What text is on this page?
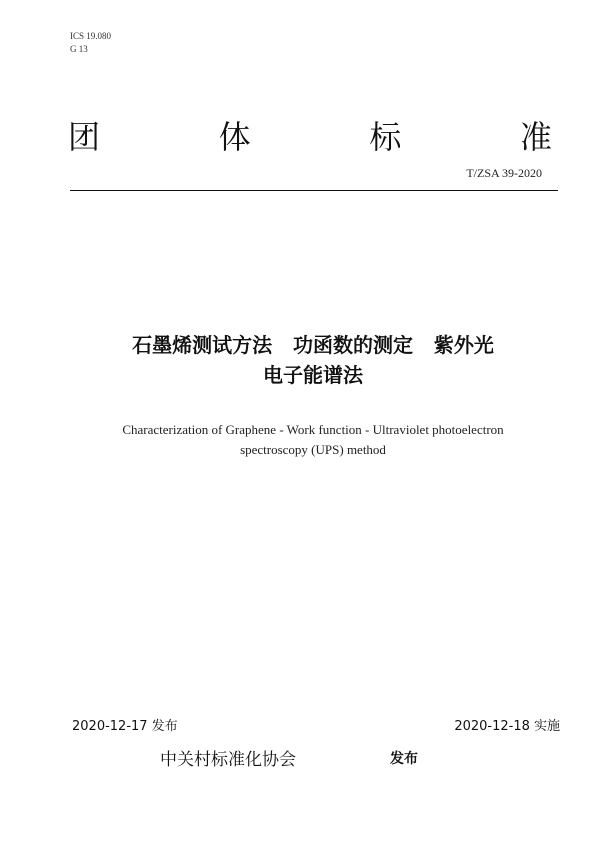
ICS 19.080
G 13
团	体	标	准
T/ZSA 39-2020
石墨烯测试方法   功函数的测定   紫外光
电子能谱法
Characterization of Graphene - Work function - Ultraviolet photoelectron
spectroscopy (UPS) method
2020-12-17 发布	2020-12-18 实施
中关村标准化协会	发布
